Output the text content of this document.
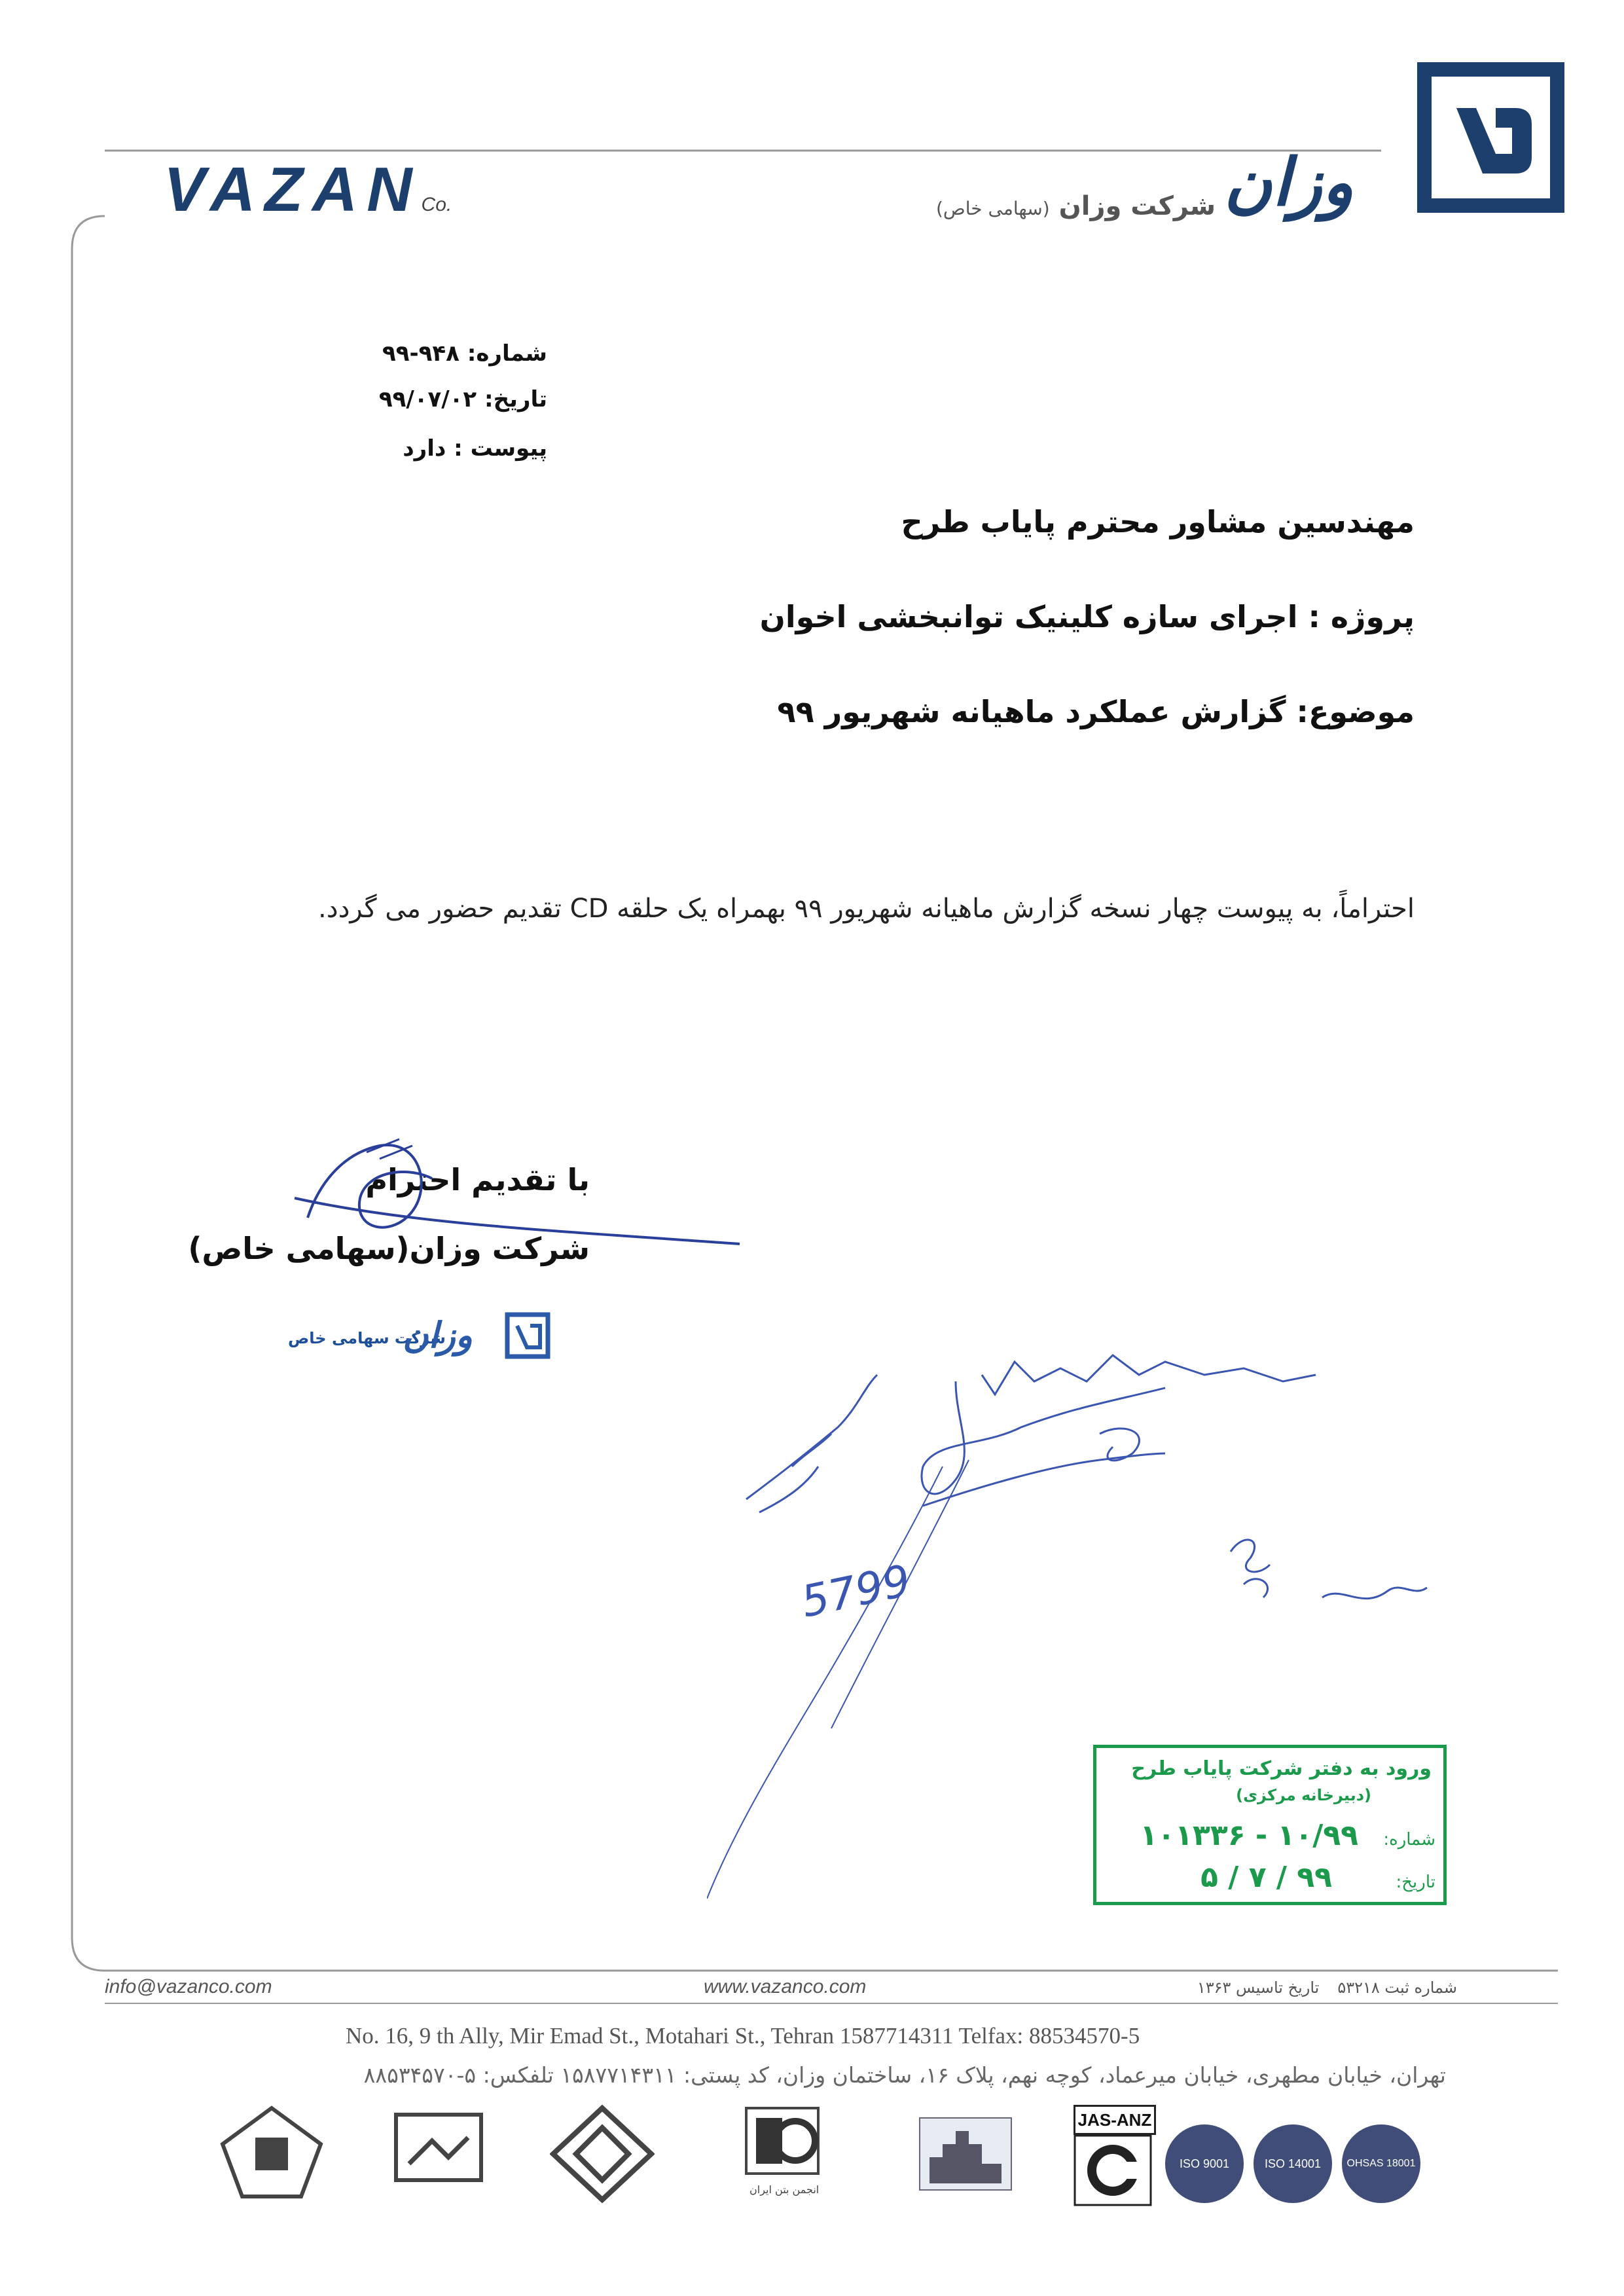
VAZANCo.	شرکت وزان (سهامی خاص)	وزان
شماره: ۹۴۸-۹۹
تاریخ: ۹۹/۰۷/۰۲
پیوست : دارد
مهندسین مشاور محترم پایاب طرح
پروژه : اجرای سازه کلینیک توانبخشی اخوان
موضوع: گزارش عملکرد ماهیانه شهریور ۹۹
احتراماً، به پیوست چهار نسخه گزارش ماهیانه شهریور ۹۹ بهمراه یک حلقه CD تقدیم حضور می گردد.
با تقدیم احترام
شرکت وزان(سهامی خاص)
شرکت سهامی خاص
وزان
5799
ورود به دفتر شرکت پایاب طرح
(دبیرخانه مرکزی)
شماره:
۱۰/۹۹ - ۱۰۱۳۳۶
تاریخ:
۹۹ / ۷ / ۵
info@vazanco.com	www.vazanco.com	شماره ثبت ۵۳۲۱۸تاریخ تاسیس ۱۳۶۳
No. 16, 9 th Ally, Mir Emad St., Motahari St., Tehran 1587714311 Telfax: 88534570-5
تهران، خیابان مطهری، خیابان میرعماد، کوچه نهم، پلاک ۱۶، ساختمان وزان، کد پستی: ۱۵۸۷۷۱۴۳۱۱ تلفکس: ۵-۸۸۵۳۴۵۷۰
انجمن بتن ایران
JAS-ANZ
ISO 9001	ISO 14001	OHSAS 18001
